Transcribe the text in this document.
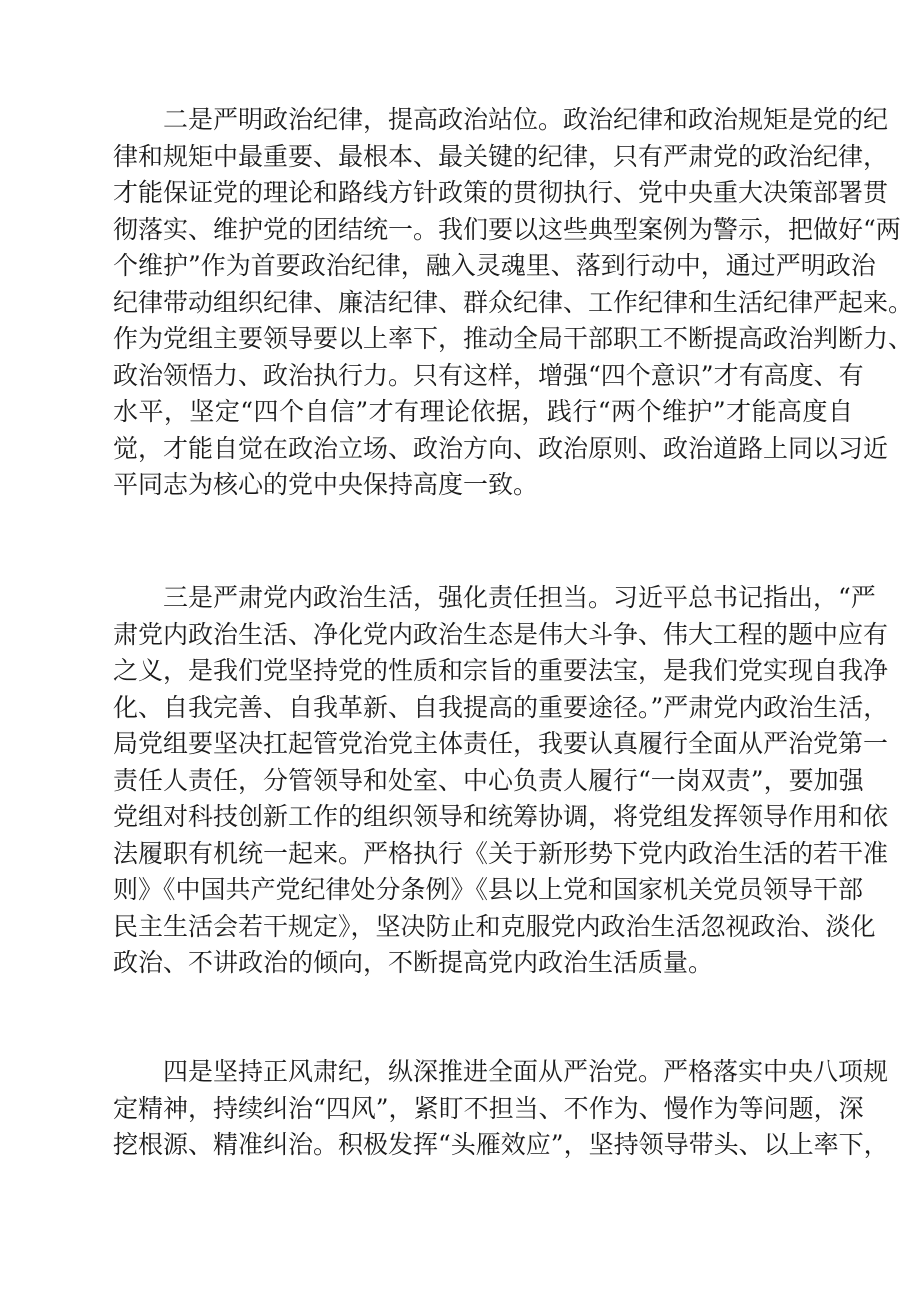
二是严明政治纪律，提高政治站位。政治纪律和政治规矩是党的纪
律和规矩中最重要、最根本、最关键的纪律，只有严肃党的政治纪律，
才能保证党的理论和路线方针政策的贯彻执行、党中央重大决策部署贯
彻落实、维护党的团结统一。我们要以这些典型案例为警示，把做好“两
个维护”作为首要政治纪律，融入灵魂里、落到行动中，通过严明政治
纪律带动组织纪律、廉洁纪律、群众纪律、工作纪律和生活纪律严起来。
作为党组主要领导要以上率下，推动全局干部职工不断提高政治判断力、
政治领悟力、政治执行力。只有这样，增强“四个意识”才有高度、有
水平，坚定“四个自信”才有理论依据，践行“两个维护”才能高度自
觉，才能自觉在政治立场、政治方向、政治原则、政治道路上同以习近
平同志为核心的党中央保持高度一致。
三是严肃党内政治生活，强化责任担当。习近平总书记指出，“严
肃党内政治生活、净化党内政治生态是伟大斗争、伟大工程的题中应有
之义，是我们党坚持党的性质和宗旨的重要法宝，是我们党实现自我净
化、自我完善、自我革新、自我提高的重要途径。”严肃党内政治生活，
局党组要坚决扛起管党治党主体责任，我要认真履行全面从严治党第一
责任人责任，分管领导和处室、中心负责人履行“一岗双责”，要加强
党组对科技创新工作的组织领导和统筹协调，将党组发挥领导作用和依
法履职有机统一起来。严格执行《关于新形势下党内政治生活的若干准
则》《中国共产党纪律处分条例》《县以上党和国家机关党员领导干部
民主生活会若干规定》，坚决防止和克服党内政治生活忽视政治、淡化
政治、不讲政治的倾向，不断提高党内政治生活质量。
四是坚持正风肃纪，纵深推进全面从严治党。严格落实中央八项规
定精神，持续纠治“四风”，紧盯不担当、不作为、慢作为等问题，深
挖根源、精准纠治。积极发挥“头雁效应”，坚持领导带头、以上率下，
